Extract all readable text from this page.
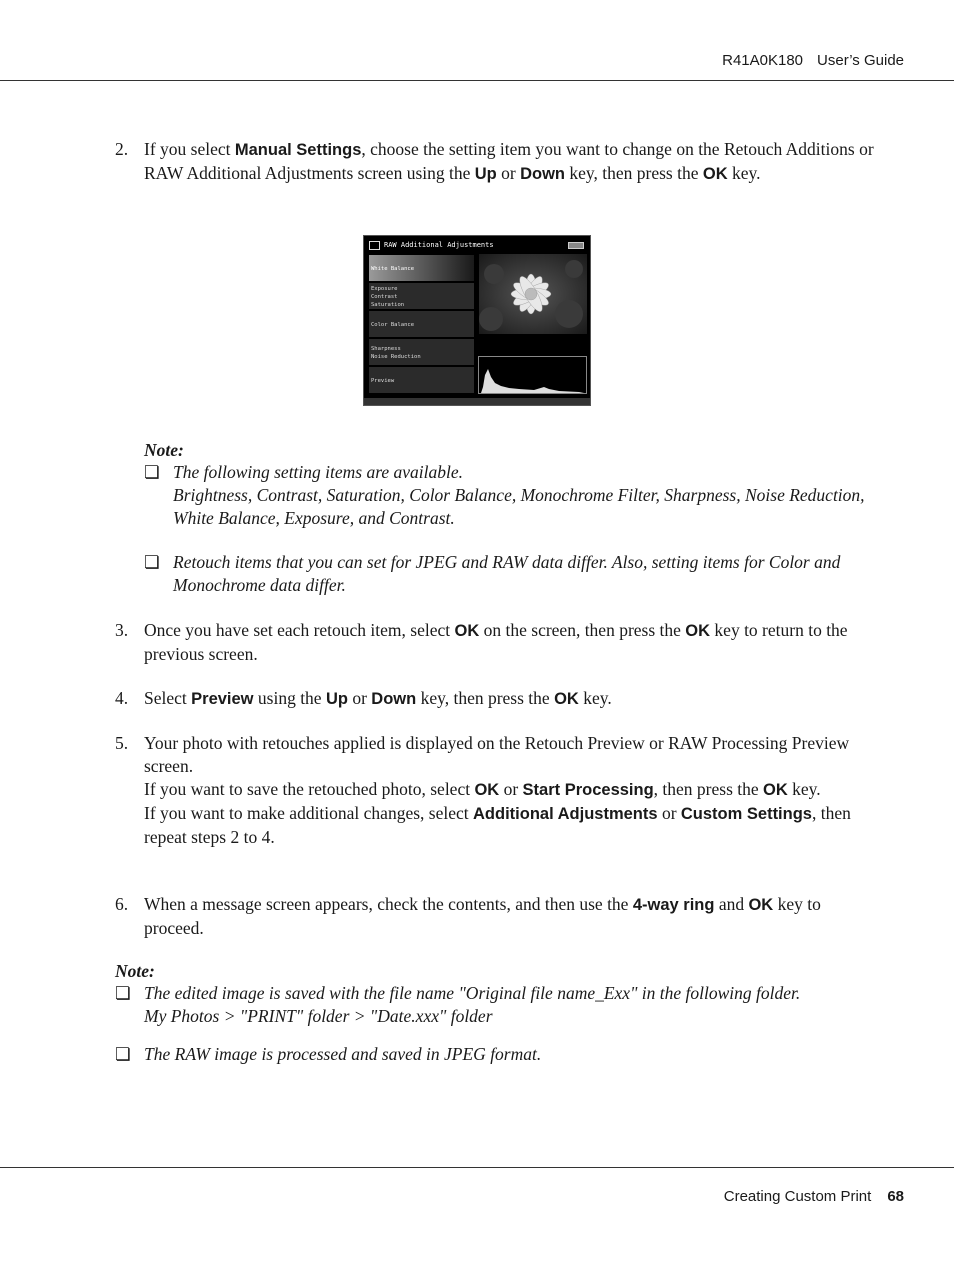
R41A0K180 User’s Guide
2. If you select Manual Settings, choose the setting item you want to change on the Retouch Additions or RAW Additional Adjustments screen using the Up or Down key, then press the OK key.
RAW Additional Adjustments
White Balance
Exposure
Contrast
Saturation
Color Balance
Sharpness
Noise Reduction
Preview
Note:
❏ The following setting items are available.
Brightness, Contrast, Saturation, Color Balance, Monochrome Filter, Sharpness, Noise Reduction, White Balance, Exposure, and Contrast.
❏ Retouch items that you can set for JPEG and RAW data differ. Also, setting items for Color and Monochrome data differ.
3. Once you have set each retouch item, select OK on the screen, then press the OK key to return to the previous screen.
4. Select Preview using the Up or Down key, then press the OK key.
5. Your photo with retouches applied is displayed on the Retouch Preview or RAW Processing Preview screen.
If you want to save the retouched photo, select OK or Start Processing, then press the OK key.
If you want to make additional changes, select Additional Adjustments or Custom Settings, then repeat steps 2 to 4.
6. When a message screen appears, check the contents, and then use the 4-way ring and OK key to proceed.
Note:
❏ The edited image is saved with the file name "Original file name_Exx" in the following folder.
My Photos > "PRINT" folder > "Date.xxx" folder
❏ The RAW image is processed and saved in JPEG format.
Creating Custom Print 68
